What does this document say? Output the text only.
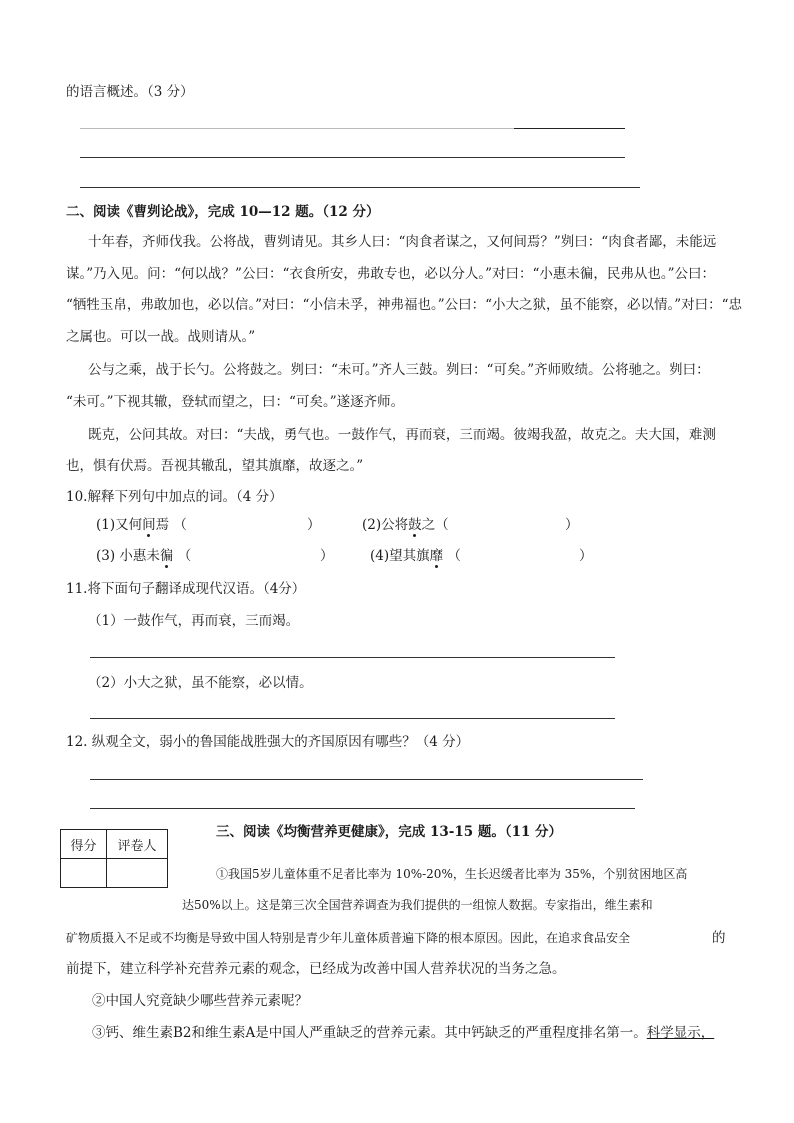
的语言概述。（3 分）
二、阅读《曹刿论战》，完成 10—12 题。（12 分）
十年春，齐师伐我。公将战，曹刿请见。其乡人曰：“肉食者谋之，又何间焉？”刿曰：“肉食者鄙，未能远
谋。”乃入见。问：“何以战？”公曰：“衣食所安，弗敢专也，必以分人。”对曰：“小惠未徧，民弗从也。”公曰：
“牺牲玉帛，弗敢加也，必以信。”对曰：“小信未孚，神弗福也。”公曰：“小大之狱，虽不能察，必以情。”对曰：“忠
之属也。可以一战。战则请从。”
公与之乘，战于长勺。公将鼓之。刿曰：“未可。”齐人三鼓。刿曰：“可矣。”齐师败绩。公将驰之。刿曰：
“未可。”下视其辙，登轼而望之，曰：“可矣。”遂逐齐师。
既克，公问其故。对曰：“夫战，勇气也。一鼓作气，再而衰，三而竭。彼竭我盈，故克之。夫大国，难测
也，惧有伏焉。吾视其辙乱，望其旗靡，故逐之。”
10.解释下列句中加点的词。（4 分）
(1)又何间焉 （	）	(2)公将鼓之（	）
(3) 小惠未徧 （	）	(4)望其旗靡 （	）
11.将下面句子翻译成现代汉语。（4分）
（1）一鼓作气，再而衰，三而竭。
（2）小大之狱，虽不能察，必以情。
12. 纵观全文，弱小的鲁国能战胜强大的齐国原因有哪些？（4 分）
得分	评卷人

三、阅读《均衡营养更健康》，完成 13-15 题。（11 分）
①我国5岁儿童体重不足者比率为 10%-20%，生长迟缓者比率为 35%，个别贫困地区高
达50%以上。这是第三次全国营养调查为我们提供的一组惊人数据。专家指出，维生素和
矿物质摄入不足或不均衡是导致中国人特别是青少年儿童体质普遍下降的根本原因。因此，在追求食品安全	的
前提下，建立科学补充营养元素的观念，已经成为改善中国人营养状况的当务之急。
②中国人究竟缺少哪些营养元素呢？
③钙、维生素B2和维生素A是中国人严重缺乏的营养元素。其中钙缺乏的严重程度排名第一。科学显示，
